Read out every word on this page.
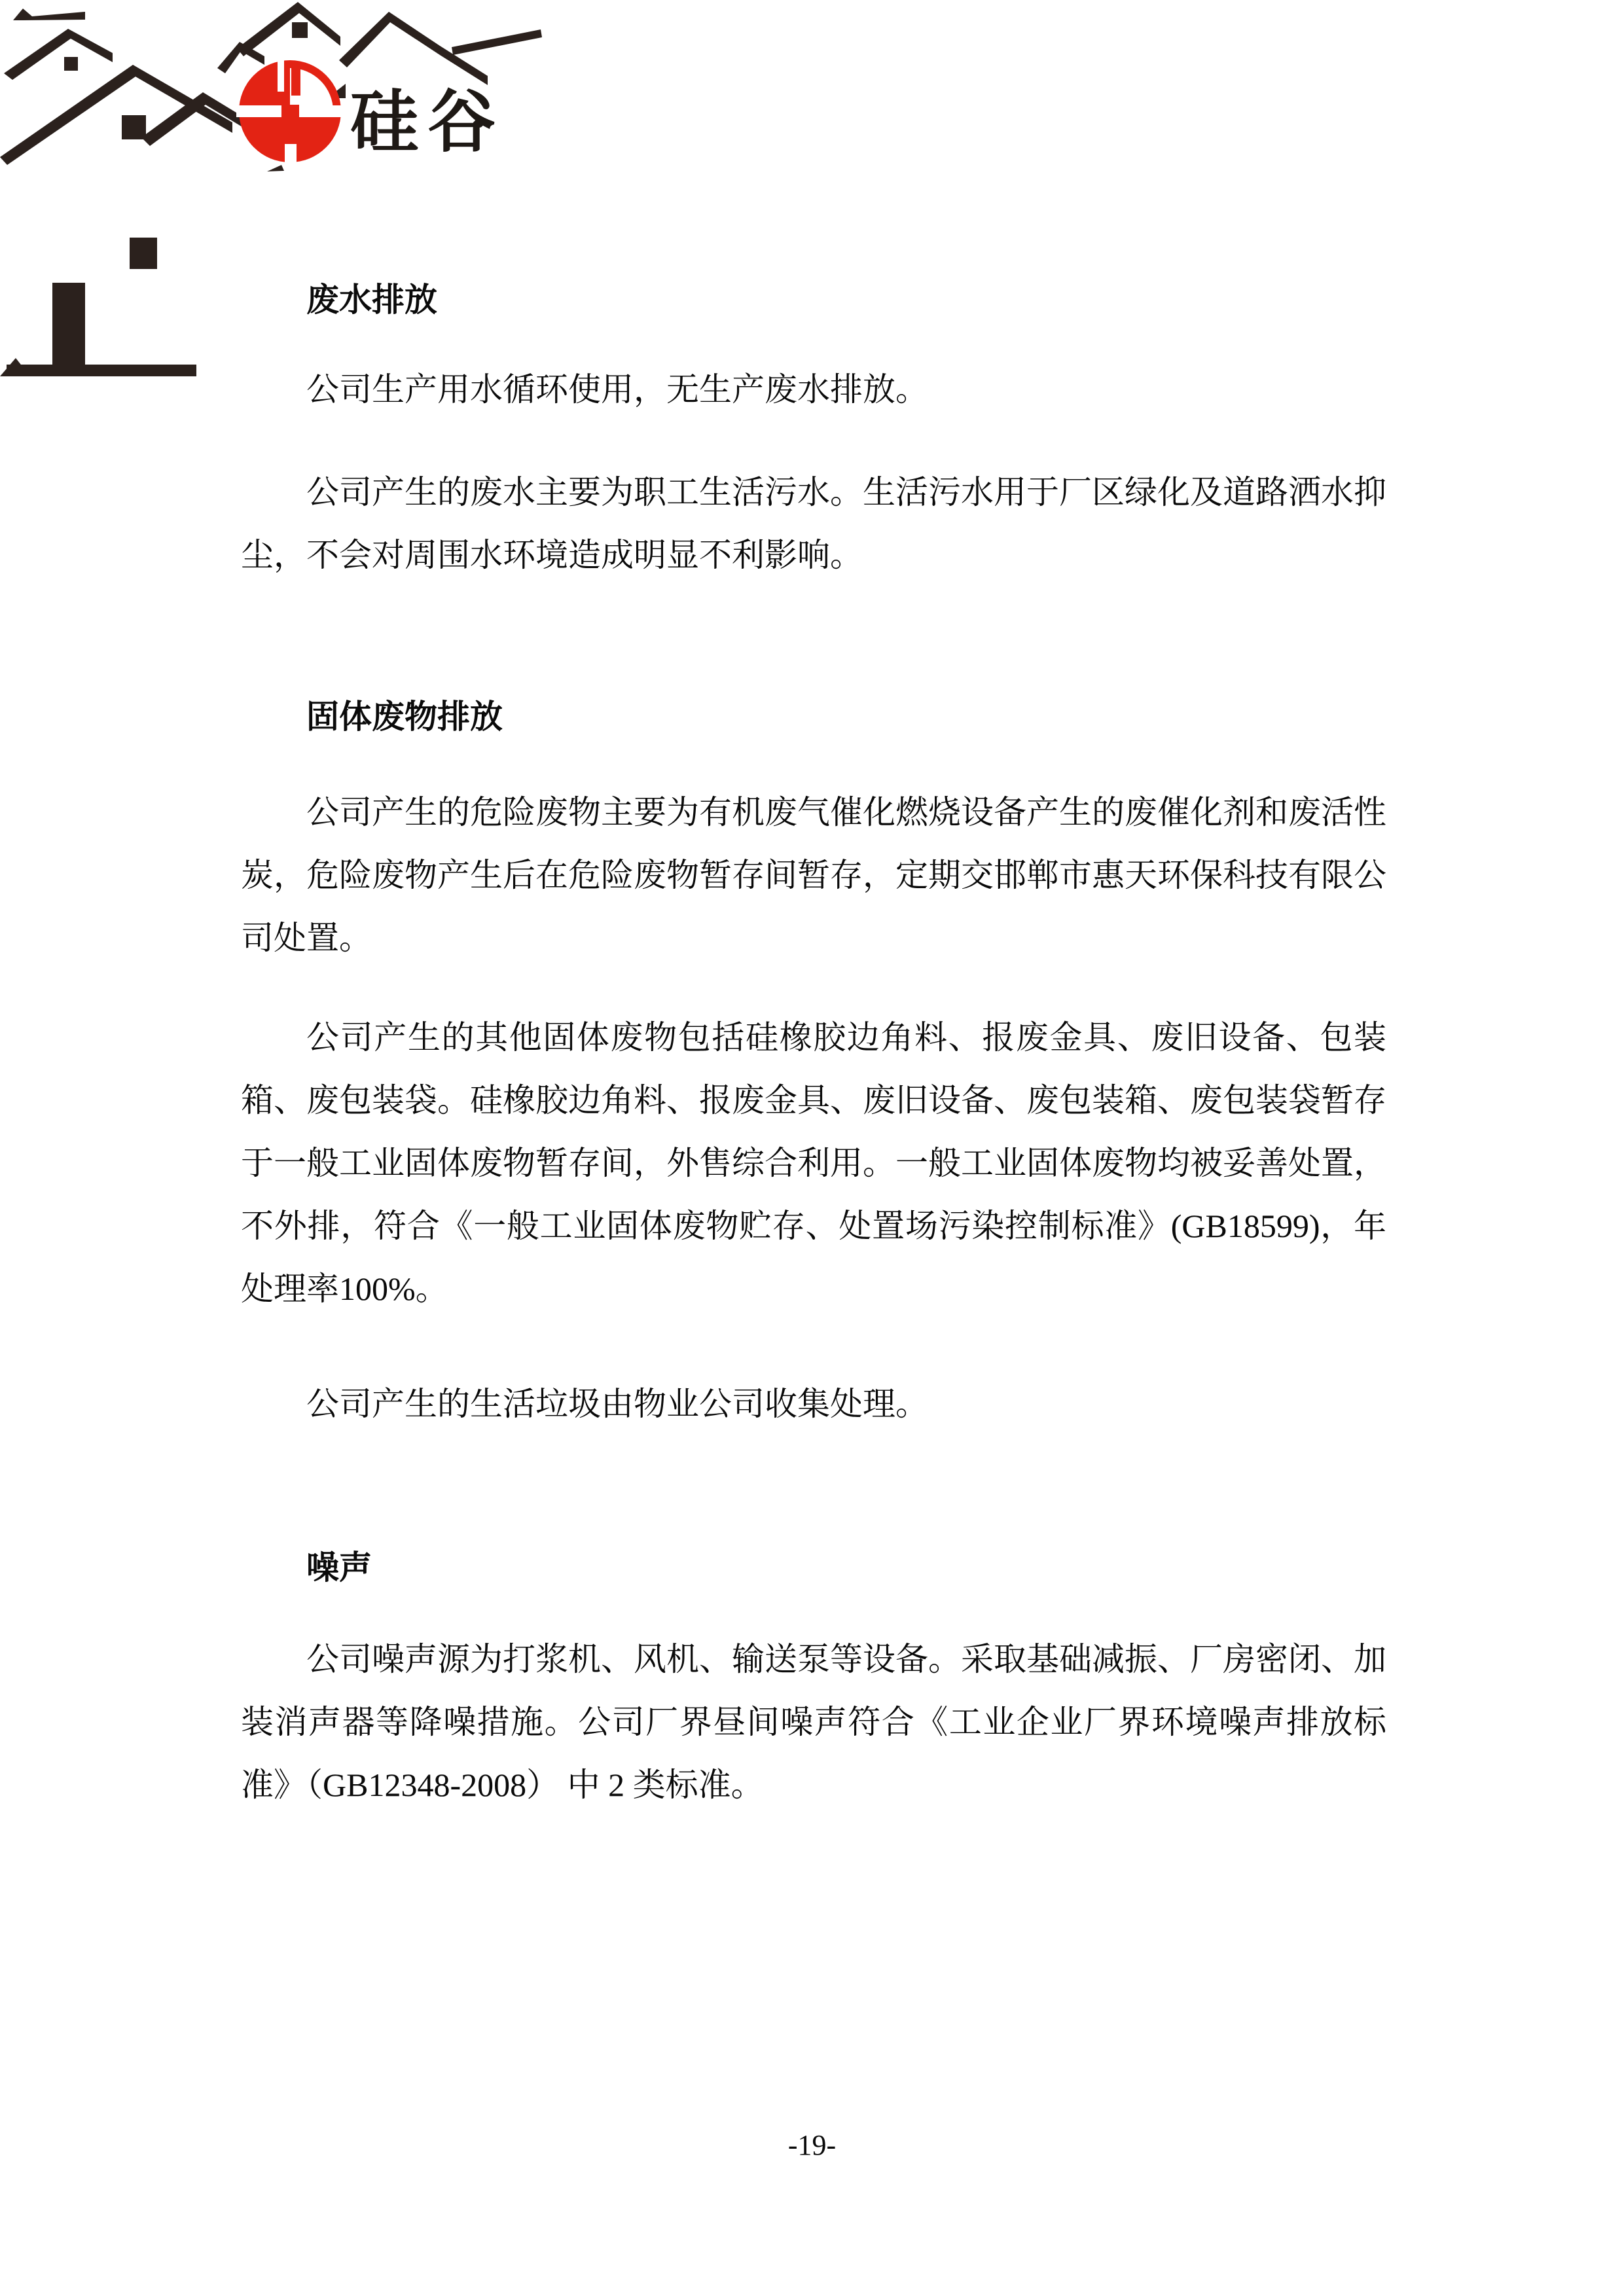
硅谷
废水排放

公司生产用水循环使用，无生产废水排放。

公司产生的废水主要为职工生活污水。生活污水用于厂区绿化及道路洒水抑尘，不会对周围水环境造成明显不利影响。

固体废物排放

公司产生的危险废物主要为有机废气催化燃烧设备产生的废催化剂和废活性炭，危险废物产生后在危险废物暂存间暂存，定期交邯郸市惠天环保科技有限公司处置。

公司产生的其他固体废物包括硅橡胶边角料、报废金具、废旧设备、包装箱、废包装袋。硅橡胶边角料、报废金具、废旧设备、废包装箱、废包装袋暂存于一般工业固体废物暂存间，外售综合利用。一般工业固体废物均被妥善处置，不外排，符合《一般工业固体废物贮存、处置场污染控制标准》(GB18599)，年处理率100%。

公司产生的生活垃圾由物业公司收集处理。

噪声

公司噪声源为打浆机、风机、输送泵等设备。采取基础减振、厂房密闭、加装消声器等降噪措施。公司厂界昼间噪声符合《工业企业厂界环境噪声排放标准》（GB12348-2008） 中 2 类标准。

-19-
